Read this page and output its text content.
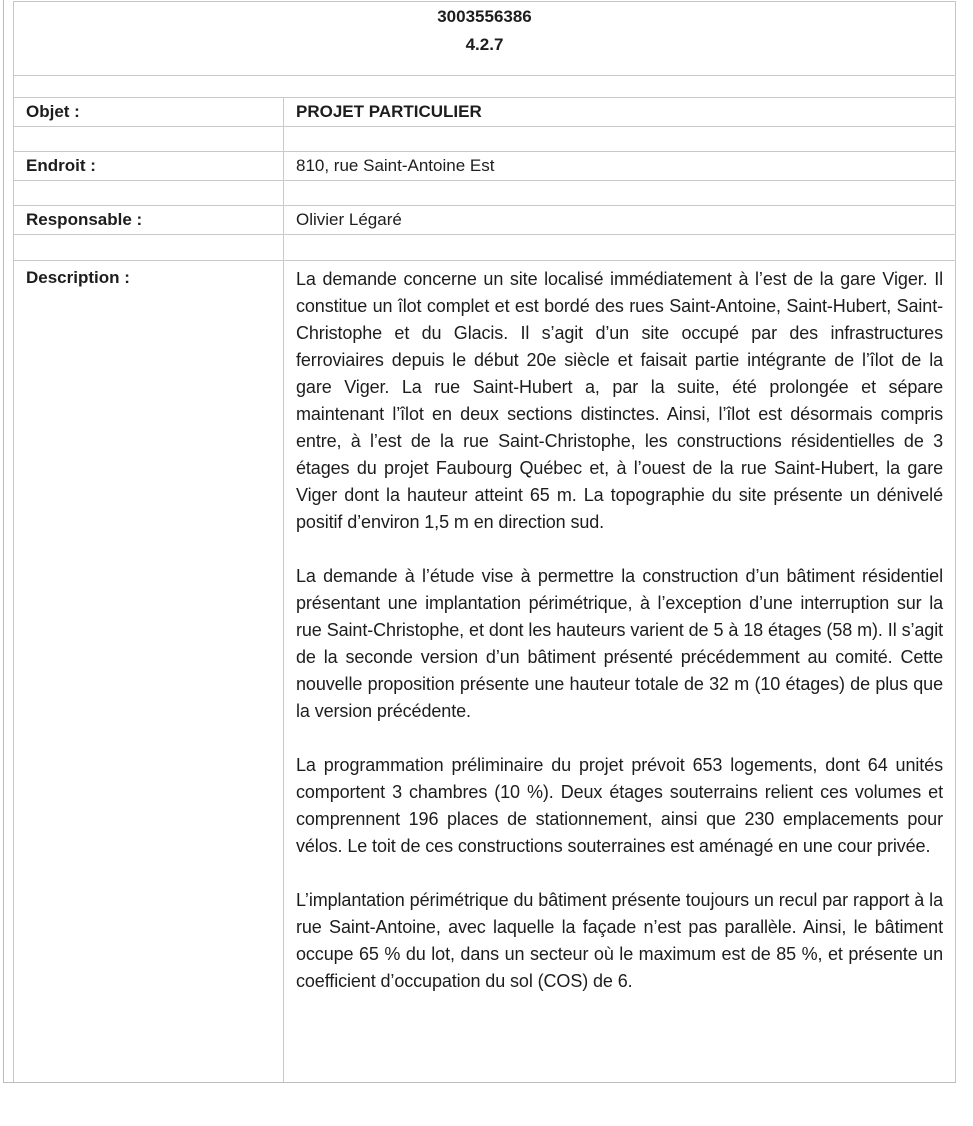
3003556386
4.2.7
Objet :	PROJET PARTICULIER
Endroit :	810, rue Saint-Antoine Est
Responsable :	Olivier Légaré
Description :	La demande concerne un site localisé immédiatement à l’est de la gare Viger. Il constitue un îlot complet et est bordé des rues Saint-Antoine, Saint-Hubert, Saint-Christophe et du Glacis. Il s’agit d’un site occupé par des infrastructures ferroviaires depuis le début 20e siècle et faisait partie intégrante de l’îlot de la gare Viger. La rue Saint-Hubert a, par la suite, été prolongée et sépare maintenant l’îlot en deux sections distinctes. Ainsi, l’îlot est désormais compris entre, à l’est de la rue Saint-Christophe, les constructions résidentielles de 3 étages du projet Faubourg Québec et, à l’ouest de la rue Saint-Hubert, la gare Viger dont la hauteur atteint 65 m. La topographie du site présente un dénivelé positif d’environ 1,5 m en direction sud.

La demande à l’étude vise à permettre la construction d’un bâtiment résidentiel présentant une implantation périmétrique, à l’exception d’une interruption sur la rue Saint-Christophe, et dont les hauteurs varient de 5 à 18 étages (58 m). Il s’agit de la seconde version d’un bâtiment présenté précédemment au comité. Cette nouvelle proposition présente une hauteur totale de 32 m (10 étages) de plus que la version précédente.

La programmation préliminaire du projet prévoit 653 logements, dont 64 unités comportent 3 chambres (10 %). Deux étages souterrains relient ces volumes et comprennent 196 places de stationnement, ainsi que 230 emplacements pour vélos. Le toit de ces constructions souterraines est aménagé en une cour privée.

L’implantation périmétrique du bâtiment présente toujours un recul par rapport à la rue Saint-Antoine, avec laquelle la façade n’est pas parallèle. Ainsi, le bâtiment occupe 65 % du lot, dans un secteur où le maximum est de 85 %, et présente un coefficient d’occupation du sol (COS) de 6.
